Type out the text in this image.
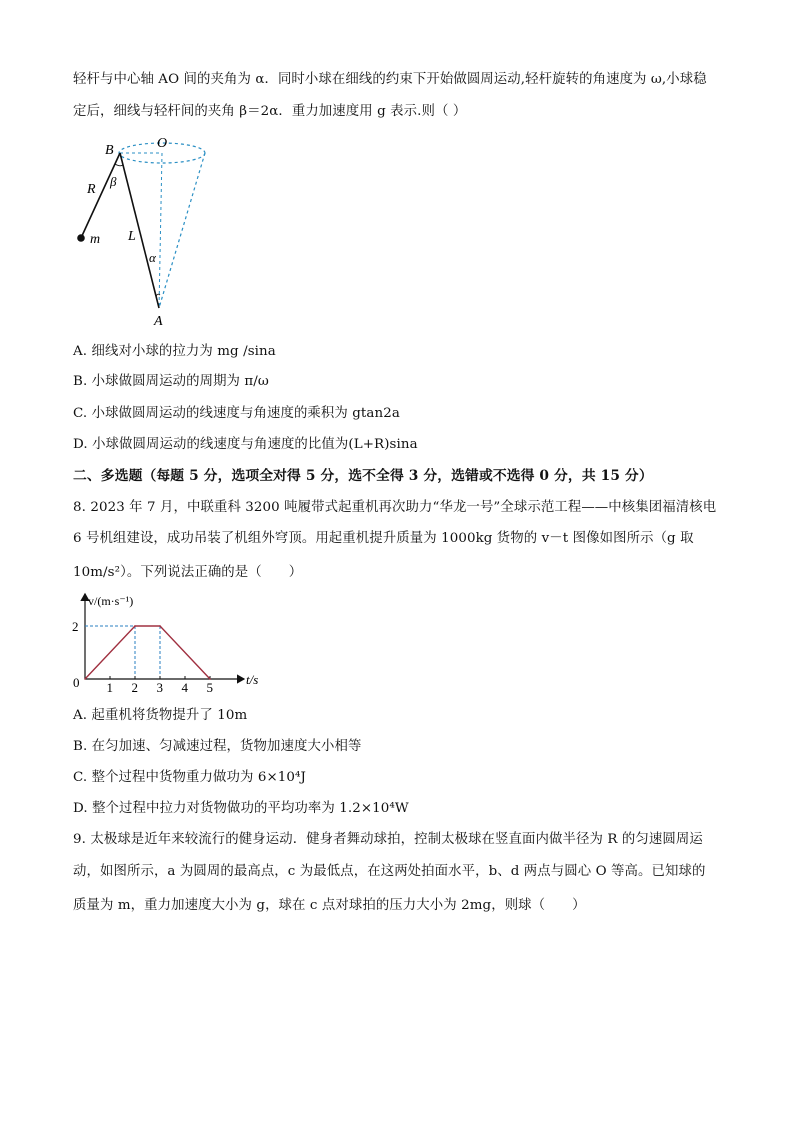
轻杆与中心轴 AO 间的夹角为 α．同时小球在细线的约束下开始做圆周运动,轻杆旋转的角速度为 ω,小球稳
定后，细线与轻杆间的夹角 β＝2α．重力加速度用 g 表示.则（ ）
B	O
R
β
m L
α
A
A. 细线对小球的拉力为 mg /sina
B. 小球做圆周运动的周期为 π/ω
C. 小球做圆周运动的线速度与角速度的乘积为 gtan2a
D. 小球做圆周运动的线速度与角速度的比值为(L+R)sina
二、多选题（每题 5 分，选项全对得 5 分，选不全得 3 分，选错或不选得 0 分，共 15 分）
8. 2023 年 7 月，中联重科 3200 吨履带式起重机再次助力“华龙一号”全球示范工程——中核集团福清核电
6 号机组建设，成功吊装了机组外穹顶。用起重机提升质量为 1000kg 货物的 v－t 图像如图所示（g 取
10m/s²）。下列说法正确的是（　　）
1 2 3 4 5
2
v/(m·s⁻¹)
t/s
0
A. 起重机将货物提升了 10m
B. 在匀加速、匀减速过程，货物加速度大小相等
C. 整个过程中货物重力做功为 6×10⁴J
D. 整个过程中拉力对货物做功的平均功率为 1.2×10⁴W
9. 太极球是近年来较流行的健身运动．健身者舞动球拍，控制太极球在竖直面内做半径为 R 的匀速圆周运
动，如图所示，a 为圆周的最高点，c 为最低点，在这两处拍面水平，b、d 两点与圆心 O 等高。已知球的
质量为 m，重力加速度大小为 g，球在 c 点对球拍的压力大小为 2mg，则球（　　）
